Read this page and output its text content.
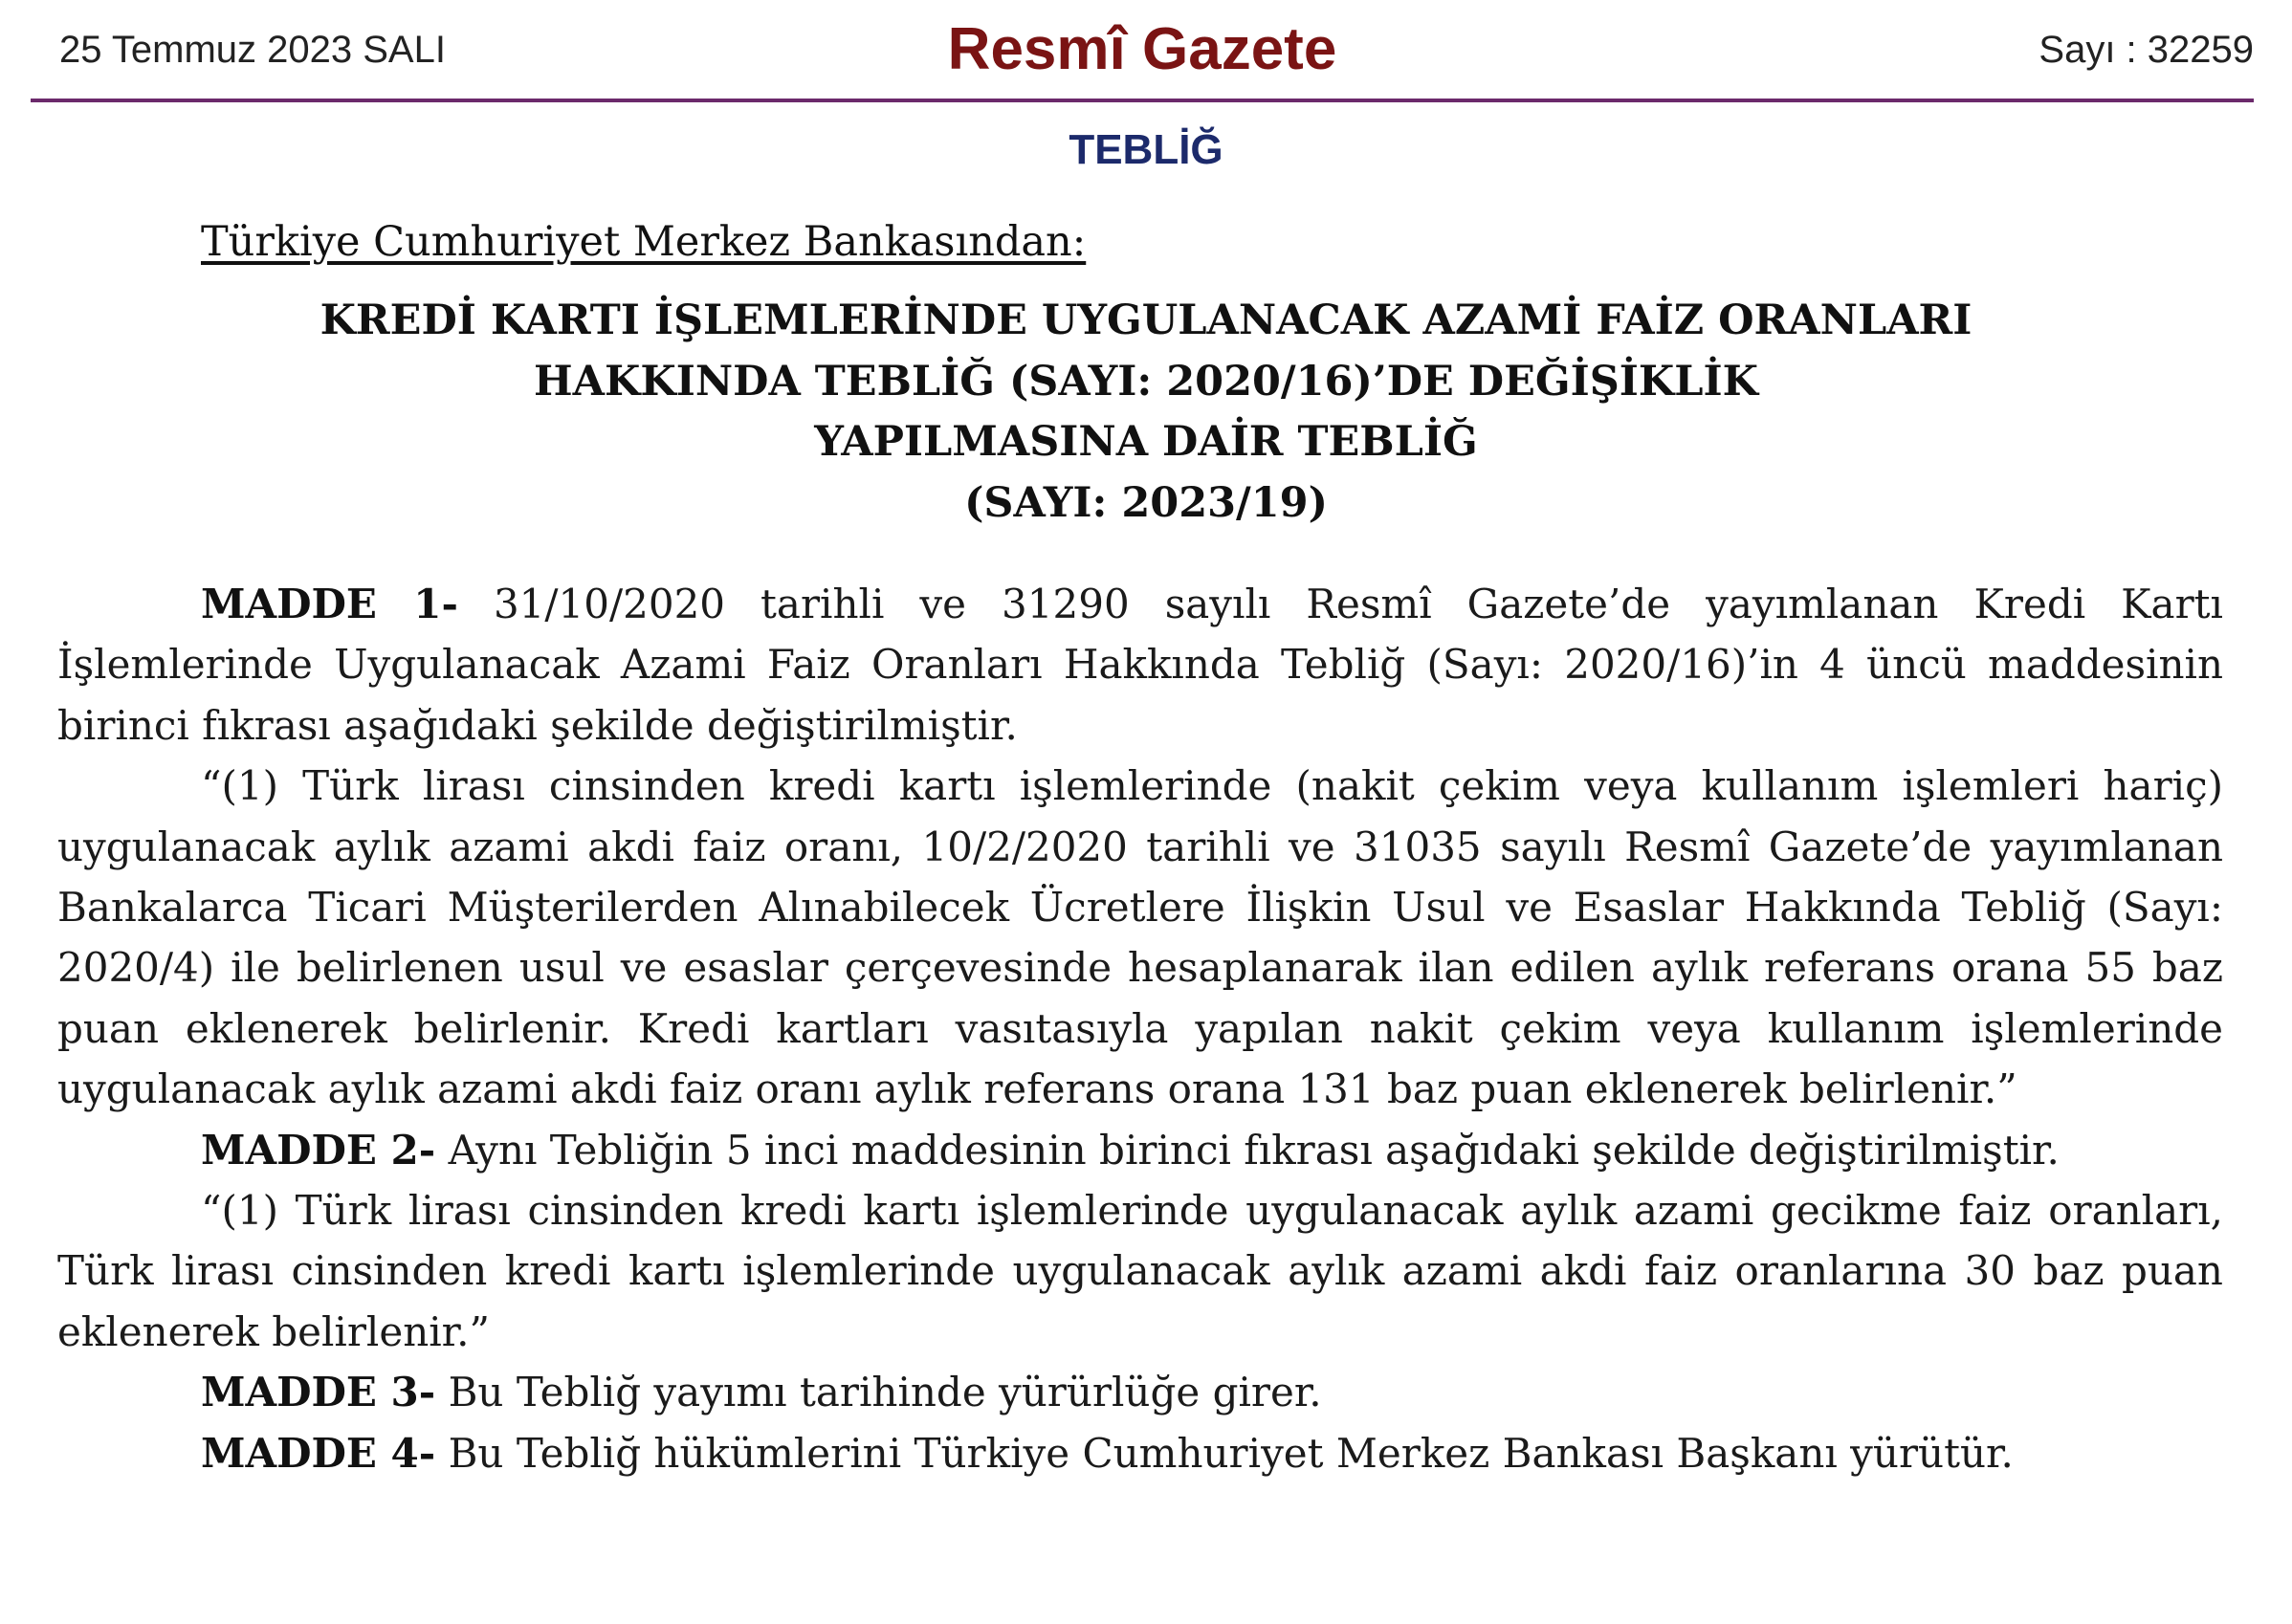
25 Temmuz 2023 SALI	Resmî Gazete	Sayı : 32259
TEBLİĞ
Türkiye Cumhuriyet Merkez Bankasından:
KREDİ KARTI İŞLEMLERİNDE UYGULANACAK AZAMİ FAİZ ORANLARI
HAKKINDA TEBLİĞ (SAYI: 2020/16)’DE DEĞİŞİKLİK
YAPILMASINA DAİR TEBLİĞ
(SAYI: 2023/19)

MADDE 1- 31/10/2020 tarihli ve 31290 sayılı Resmî Gazete’de yayımlanan Kredi Kartı İşlemlerinde Uygulanacak Azami Faiz Oranları Hakkında Tebliğ (Sayı: 2020/16)’in 4 üncü maddesinin birinci fıkrası aşağıdaki şekilde değiştirilmiştir.

“(1) Türk lirası cinsinden kredi kartı işlemlerinde (nakit çekim veya kullanım işlemleri hariç) uygulanacak aylık azami akdi faiz oranı, 10/2/2020 tarihli ve 31035 sayılı Resmî Gazete’de yayımlanan Bankalarca Ticari Müşterilerden Alınabilecek Ücretlere İlişkin Usul ve Esaslar Hakkında Tebliğ (Sayı: 2020/4) ile belirlenen usul ve esaslar çerçevesinde hesaplanarak ilan edilen aylık referans orana 55 baz puan eklenerek belirlenir. Kredi kartları vasıtasıyla yapılan nakit çekim veya kullanım işlemlerinde uygulanacak aylık azami akdi faiz oranı aylık referans orana 131 baz puan eklenerek belirlenir.”

MADDE 2- Aynı Tebliğin 5 inci maddesinin birinci fıkrası aşağıdaki şekilde değiştirilmiştir.

“(1) Türk lirası cinsinden kredi kartı işlemlerinde uygulanacak aylık azami gecikme faiz oranları, Türk lirası cinsinden kredi kartı işlemlerinde uygulanacak aylık azami akdi faiz oranlarına 30 baz puan eklenerek belirlenir.”

MADDE 3- Bu Tebliğ yayımı tarihinde yürürlüğe girer.

MADDE 4- Bu Tebliğ hükümlerini Türkiye Cumhuriyet Merkez Bankası Başkanı yürütür.
